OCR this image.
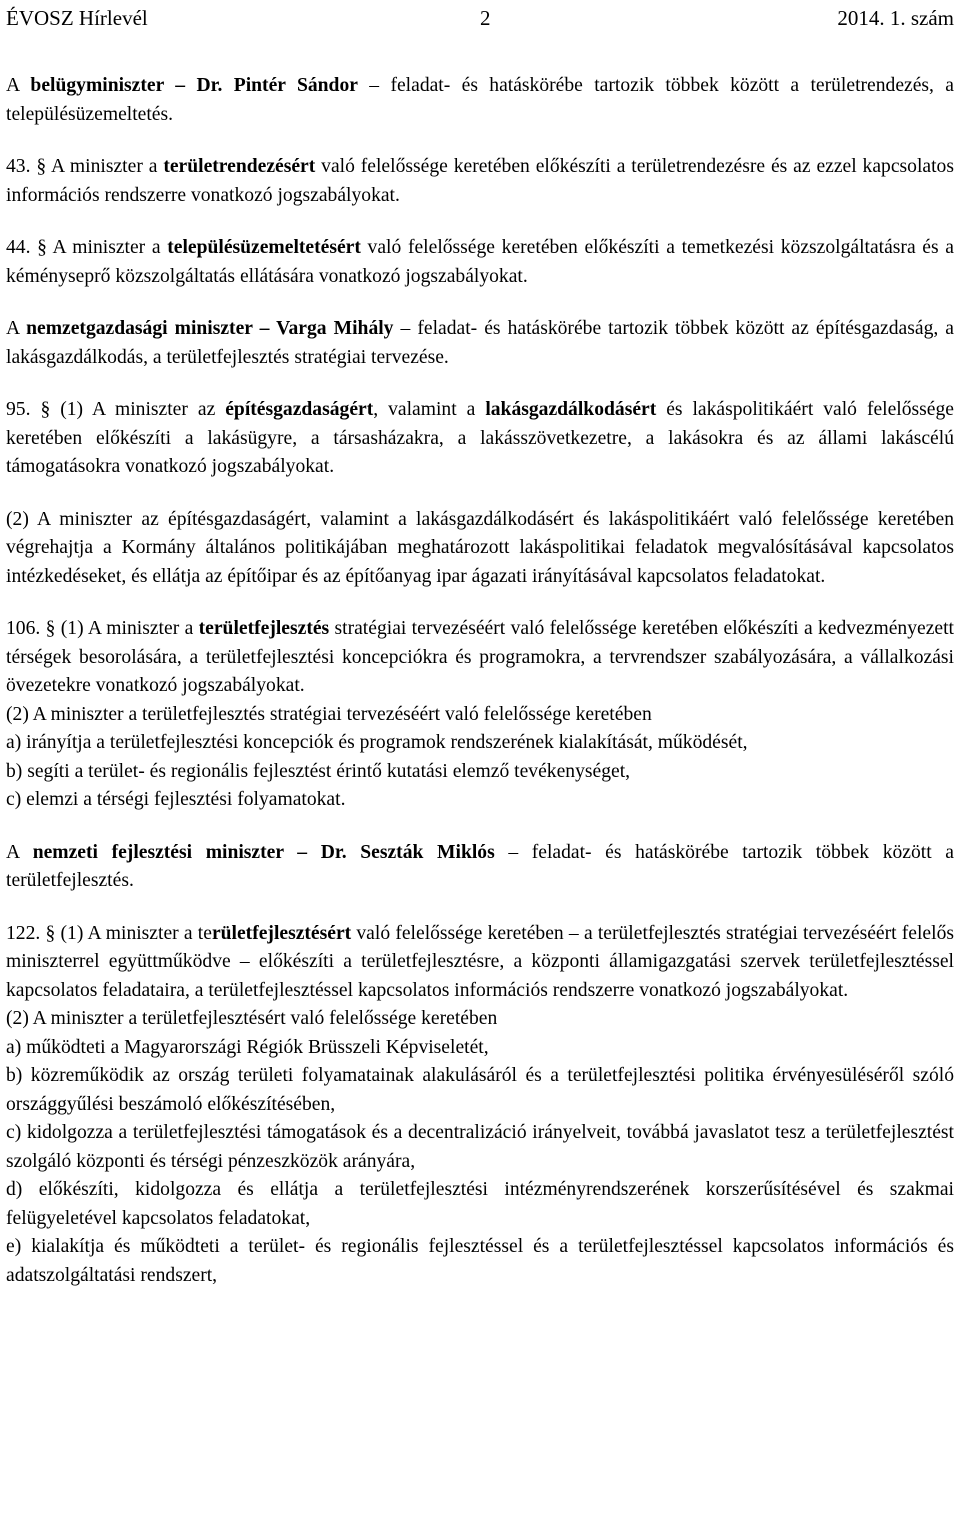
ÉVOSZ Hírlevél	2	2014. 1. szám

A belügyminiszter – Dr. Pintér Sándor – feladat- és hatáskörébe tartozik többek között a területrendezés, a településüzemeltetés.

43. § A miniszter a területrendezésért való felelőssége keretében előkészíti a területrendezésre és az ezzel kapcsolatos információs rendszerre vonatkozó jogszabályokat.

44. § A miniszter a településüzemeltetésért való felelőssége keretében előkészíti a temetkezési közszolgáltatásra és a kéményseprő közszolgáltatás ellátására vonatkozó jogszabályokat.

A nemzetgazdasági miniszter – Varga Mihály – feladat- és hatáskörébe tartozik többek között az építésgazdaság, a lakásgazdálkodás, a területfejlesztés stratégiai tervezése.

95. § (1) A miniszter az építésgazdaságért, valamint a lakásgazdálkodásért és lakáspolitikáért való felelőssége keretében előkészíti a lakásügyre, a társasházakra, a lakásszövetkezetre, a lakásokra és az állami lakáscélú támogatásokra vonatkozó jogszabályokat.

(2) A miniszter az építésgazdaságért, valamint a lakásgazdálkodásért és lakáspolitikáért való felelőssége keretében végrehajtja a Kormány általános politikájában meghatározott lakáspolitikai feladatok megvalósításával kapcsolatos intézkedéseket, és ellátja az építőipar és az építőanyag ipar ágazati irányításával kapcsolatos feladatokat.

106. § (1) A miniszter a területfejlesztés stratégiai tervezéséért való felelőssége keretében előkészíti a kedvezményezett térségek besorolására, a területfejlesztési koncepciókra és programokra, a tervrendszer szabályozására, a vállalkozási övezetekre vonatkozó jogszabályokat.

(2) A miniszter a területfejlesztés stratégiai tervezéséért való felelőssége keretében

a) irányítja a területfejlesztési koncepciók és programok rendszerének kialakítását, működését,

b) segíti a terület- és regionális fejlesztést érintő kutatási elemző tevékenységet,

c) elemzi a térségi fejlesztési folyamatokat.

A nemzeti fejlesztési miniszter – Dr. Seszták Miklós – feladat- és hatáskörébe tartozik többek között a területfejlesztés.

122. § (1) A miniszter a területfejlesztésért való felelőssége keretében – a területfejlesztés stratégiai tervezéséért felelős miniszterrel együttműködve – előkészíti a területfejlesztésre, a központi államigazgatási szervek területfejlesztéssel kapcsolatos feladataira, a területfejlesztéssel kapcsolatos információs rendszerre vonatkozó jogszabályokat.

(2) A miniszter a területfejlesztésért való felelőssége keretében

a) működteti a Magyarországi Régiók Brüsszeli Képviseletét,

b) közreműködik az ország területi folyamatainak alakulásáról és a területfejlesztési politika érvényesüléséről szóló országgyűlési beszámoló előkészítésében,

c) kidolgozza a területfejlesztési támogatások és a decentralizáció irányelveit, továbbá javaslatot tesz a területfejlesztést szolgáló központi és térségi pénzeszközök arányára,

d) előkészíti, kidolgozza és ellátja a területfejlesztési intézményrendszerének korszerűsítésével és szakmai felügyeletével kapcsolatos feladatokat,

e) kialakítja és működteti a terület- és regionális fejlesztéssel és a területfejlesztéssel kapcsolatos információs és adatszolgáltatási rendszert,
